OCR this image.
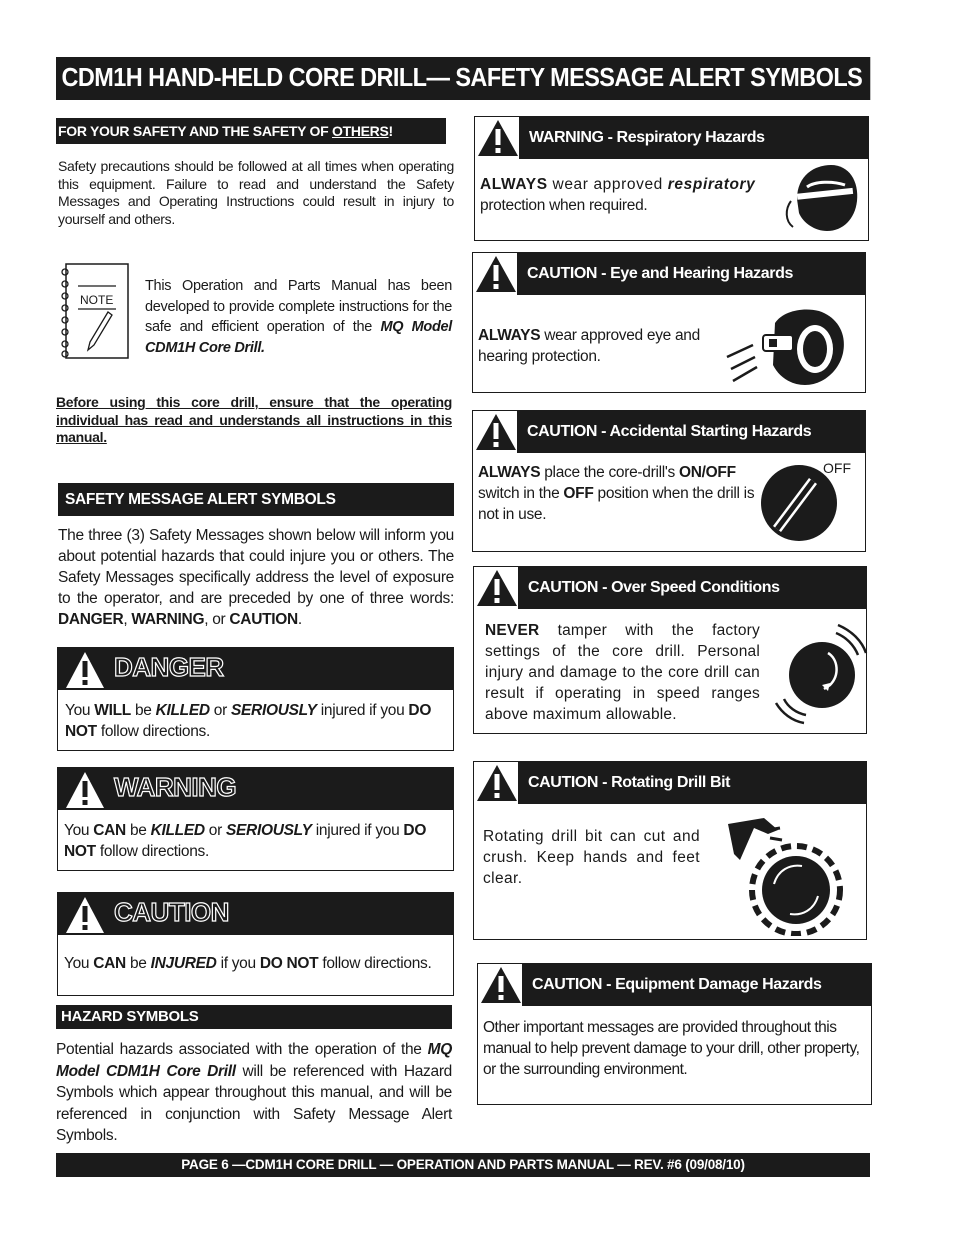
CDM1H HAND-HELD CORE DRILL— SAFETY MESSAGE ALERT SYMBOLS
FOR YOUR SAFETY AND THE SAFETY OF OTHERS!
Safety precautions should be followed at all times when operating this equipment. Failure to read and understand the Safety Messages and Operating Instructions could result in injury to yourself and others.
NOTE
This Operation and Parts Manual has been developed to provide complete instructions for the safe and efficient operation of the MQ Model CDM1H Core Drill.
Before using this core drill, ensure that the operating individual has read and understands all instructions in this manual.
SAFETY MESSAGE ALERT SYMBOLS
The three (3) Safety Messages shown below will inform you about potential hazards that could injure you or others. The Safety Messages specifically address the level of exposure to the operator, and are preceded by one of three words: DANGER, WARNING, or CAUTION.
DANGER
You WILL be KILLED or SERIOUSLY injured if you DO NOT follow directions.
WARNING
You CAN be KILLED or SERIOUSLY injured if you DO NOT follow directions.
CAUTION
You CAN be INJURED if you DO NOT follow directions.
HAZARD SYMBOLS
Potential hazards associated with the operation of the MQ Model CDM1H Core Drill will be referenced with Hazard Symbols which appear throughout this manual, and will be referenced in conjunction with Safety Message Alert Symbols.
WARNING - Respiratory Hazards
ALWAYS wear approved respiratory protection when required.
CAUTION - Eye and Hearing Hazards
ALWAYS wear approved eye and hearing protection.
CAUTION - Accidental Starting Hazards
ALWAYS place the core-drill's ON/OFF switch in the OFF position when the drill is not in use.
OFF
CAUTION - Over Speed Conditions
NEVER tamper with the factory settings of the core drill. Personal injury and damage to the core drill can result if operating in speed ranges above maximum allowable.
CAUTION - Rotating Drill Bit
Rotating drill bit can cut and crush. Keep hands and feet clear.
CAUTION - Equipment Damage Hazards
Other important messages are provided throughout this manual to help prevent damage to your drill, other property, or the surrounding environment.
PAGE 6 —CDM1H CORE DRILL — OPERATION AND PARTS MANUAL — REV. #6 (09/08/10)
